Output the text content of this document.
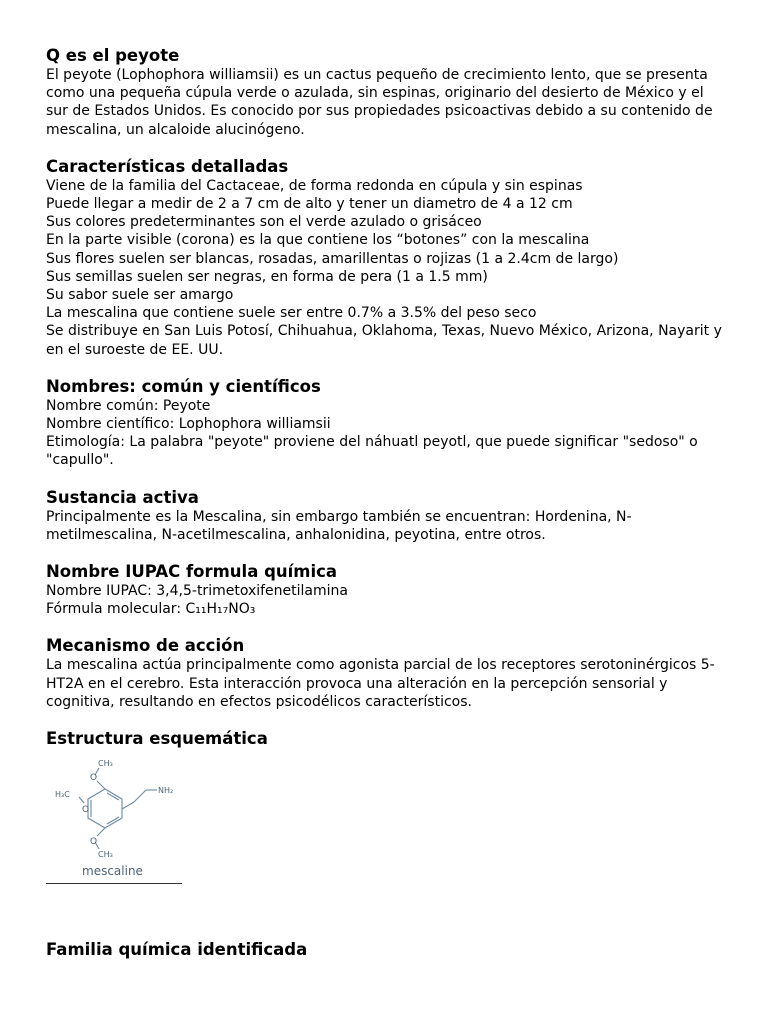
Q es el peyote

El peyote (Lophophora williamsii) es un cactus pequeño de crecimiento lento, que se presenta como una pequeña cúpula verde o azulada, sin espinas, originario del desierto de México y el sur de Estados Unidos. Es conocido por sus propiedades psicoactivas debido a su contenido de mescalina, un alcaloide alucinógeno.

Características detalladas

Viene de la familia del Cactaceae, de forma redonda en cúpula y sin espinas

Puede llegar a medir de 2 a 7 cm de alto y tener un diametro de 4 a 12 cm

Sus colores predeterminantes son el verde azulado o grisáceo

En la parte visible (corona) es la que contiene los “botones” con la mescalina

Sus flores suelen ser blancas, rosadas, amarillentas o rojizas (1 a 2.4cm de largo)

Sus semillas suelen ser negras, en forma de pera (1 a 1.5 mm)

Su sabor suele ser amargo

La mescalina que contiene suele ser entre 0.7% a 3.5% del peso seco

Se distribuye en San Luis Potosí, Chihuahua, Oklahoma, Texas, Nuevo México, Arizona, Nayarit y en el suroeste de EE. UU.

Nombres: común y científicos

Nombre común: Peyote

Nombre científico: Lophophora williamsii

Etimología: La palabra "peyote" proviene del náhuatl peyotl, que puede significar "sedoso" o "capullo".

Sustancia activa

Principalmente es la Mescalina, sin embargo también se encuentran: Hordenina, N-metilmescalina, N-acetilmescalina, anhalonidina, peyotina, entre otros.

Nombre IUPAC formula química

Nombre IUPAC: 3,4,5-trimetoxifenetilamina

Fórmula molecular: C₁₁H₁₇NO₃

Mecanismo de acción

La mescalina actúa principalmente como agonista parcial de los receptores serotoninérgicos 5-HT2A en el cerebro. Esta interacción provoca una alteración en la percepción sensorial y cognitiva, resultando en efectos psicodélicos característicos.

Estructura esquemática
CH₃
O
H₃C
O
O
CH₃
NH₂
mescaline
Familia química identificada
